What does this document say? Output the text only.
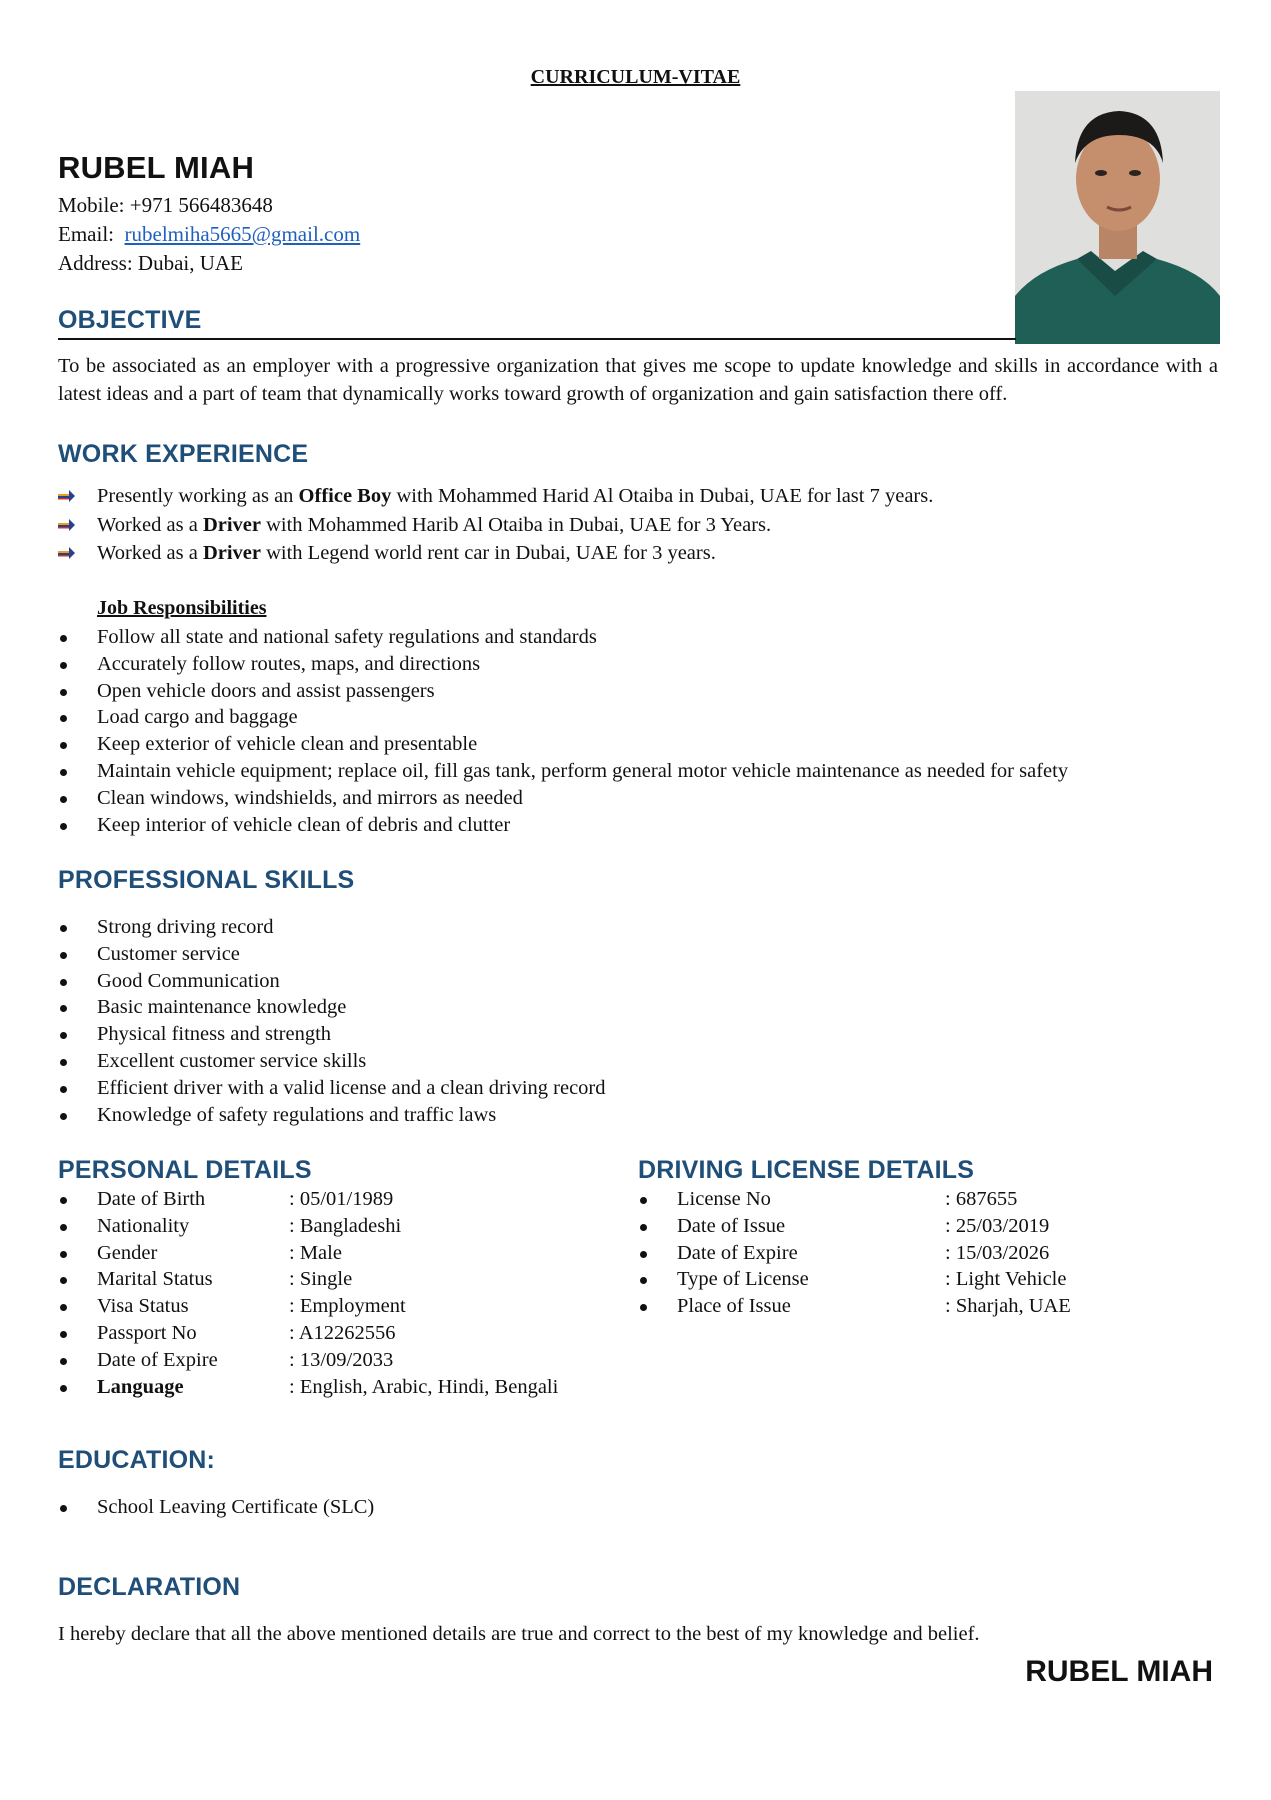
CURRICULUM-VITAE
RUBEL MIAH
Mobile: +971 566483648
Email: rubelmiha5665@gmail.com
Address: Dubai, UAE
OBJECTIVE
To be associated as an employer with a progressive organization that gives me scope to update knowledge and skills in accordance with a latest ideas and a part of team that dynamically works toward growth of organization and gain satisfaction there off.
WORK EXPERIENCE
Presently working as an Office Boy with Mohammed Harid Al Otaiba in Dubai, UAE for last 7 years.
Worked as a Driver with Mohammed Harib Al Otaiba in Dubai, UAE for 3 Years.
Worked as a Driver with Legend world rent car in Dubai, UAE for 3 years.
Job Responsibilities
Follow all state and national safety regulations and standards
Accurately follow routes, maps, and directions
Open vehicle doors and assist passengers
Load cargo and baggage
Keep exterior of vehicle clean and presentable
Maintain vehicle equipment; replace oil, fill gas tank, perform general motor vehicle maintenance as needed for safety
Clean windows, windshields, and mirrors as needed
Keep interior of vehicle clean of debris and clutter
PROFESSIONAL SKILLS
Strong driving record
Customer service
Good Communication
Basic maintenance knowledge
Physical fitness and strength
Excellent customer service skills
Efficient driver with a valid license and a clean driving record
Knowledge of safety regulations and traffic laws
PERSONAL DETAILS
Date of Birth	: 05/01/1989
Nationality	: Bangladeshi
Gender	: Male
Marital Status	: Single
Visa Status	: Employment
Passport No	: A12262556
Date of Expire	: 13/09/2033
Language	: English, Arabic, Hindi, Bengali
DRIVING LICENSE DETAILS
License No	: 687655
Date of Issue	: 25/03/2019
Date of Expire	: 15/03/2026
Type of License	: Light Vehicle
Place of Issue	: Sharjah, UAE
EDUCATION:
School Leaving Certificate (SLC)
DECLARATION
I hereby declare that all the above mentioned details are true and correct to the best of my knowledge and belief.
RUBEL MIAH
